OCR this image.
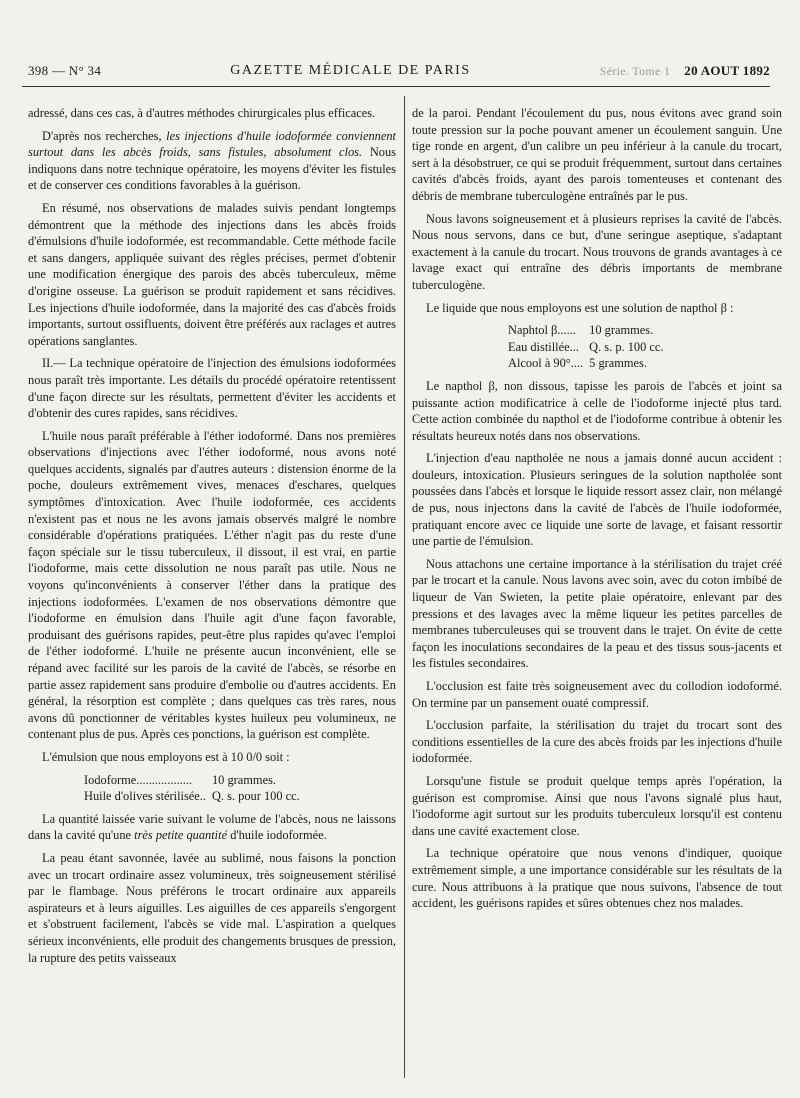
398 — N° 34	GAZETTE MÉDICALE DE PARIS	Série. Tome 1 20 AOUT 1892

adressé, dans ces cas, à d'autres méthodes chirurgicales plus efficaces.

D'après nos recherches, les injections d'huile iodoformée conviennent surtout dans les abcès froids, sans fistules, absolument clos. Nous indiquons dans notre technique opératoire, les moyens d'éviter les fistules et de conserver ces conditions favorables à la guérison.

En résumé, nos observations de malades suivis pendant longtemps démontrent que la méthode des injections dans les abcès froids d'émulsions d'huile iodoformée, est recommandable. Cette méthode facile et sans dangers, appliquée suivant des règles précises, permet d'obtenir une modification énergique des parois des abcès tuberculeux, même d'origine osseuse. La guérison se produit rapidement et sans récidives. Les injections d'huile iodoformée, dans la majorité des cas d'abcès froids importants, surtout ossifluents, doivent être préférés aux raclages et autres opérations sanglantes.

II.— La technique opératoire de l'injection des émulsions iodoformées nous paraît très importante. Les détails du procédé opératoire retentissent d'une façon directe sur les résultats, permettent d'éviter les accidents et d'obtenir des cures rapides, sans récidives.

L'huile nous paraît préférable à l'éther iodoformé. Dans nos premières observations d'injections avec l'éther iodoformé, nous avons noté quelques accidents, signalés par d'autres auteurs : distension énorme de la poche, douleurs extrêmement vives, menaces d'eschares, quelques symptômes d'intoxication. Avec l'huile iodoformée, ces accidents n'existent pas et nous ne les avons jamais observés malgré le nombre considérable d'opérations pratiquées. L'éther n'agit pas du reste d'une façon spéciale sur le tissu tuberculeux, il dissout, il est vrai, en partie l'iodoforme, mais cette dissolution ne nous paraît pas utile. Nous ne voyons qu'inconvénients à conserver l'éther dans la pratique des injections iodoformées. L'examen de nos observations démontre que l'iodoforme en émulsion dans l'huile agit d'une façon favorable, produisant des guérisons rapides, peut-être plus rapides qu'avec l'emploi de l'éther iodoformé. L'huile ne présente aucun inconvénient, elle se répand avec facilité sur les parois de la cavité de l'abcès, se résorbe en partie assez rapidement sans produire d'embolie ou d'autres accidents. En général, la résorption est complète ; dans quelques cas très rares, nous avons dû ponctionner de véritables kystes huileux peu volumineux, ne contenant plus de pus. Après ces ponctions, la guérison est complète.

L'émulsion que nous employons est à 10 0/0 soit :

Iodoforme..................	10 grammes.
Huile d'olives stérilisée..	Q. s. pour 100 cc.

La quantité laissée varie suivant le volume de l'abcès, nous ne laissons dans la cavité qu'une très petite quantité d'huile iodoformée.

La peau étant savonnée, lavée au sublimé, nous faisons la ponction avec un trocart ordinaire assez volumineux, très soigneusement stérilisé par le flambage. Nous préférons le trocart ordinaire aux appareils aspirateurs et à leurs aiguilles. Les aiguilles de ces appareils s'engorgent et s'obstruent facilement, l'abcès se vide mal. L'aspiration a quelques sérieux inconvénients, elle produit des changements brusques de pression, la rupture des petits vaisseaux

de la paroi. Pendant l'écoulement du pus, nous évitons avec grand soin toute pression sur la poche pouvant amener un écoulement sanguin. Une tige ronde en argent, d'un calibre un peu inférieur à la canule du trocart, sert à la désobstruer, ce qui se produit fréquemment, surtout dans certaines cavités d'abcès froids, ayant des parois tomenteuses et contenant des débris de membrane tuberculogène entraînés par le pus.

Nous lavons soigneusement et à plusieurs reprises la cavité de l'abcès. Nous nous servons, dans ce but, d'une seringue aseptique, s'adaptant exactement à la canule du trocart. Nous trouvons de grands avantages à ce lavage exact qui entraîne des débris importants de membrane tuberculogène.

Le liquide que nous employons est une solution de napthol β :

Naphtol β......	10 grammes.
Eau distillée...	Q. s. p. 100 cc.
Alcool à 90°....	5 grammes.

Le napthol β, non dissous, tapisse les parois de l'abcès et joint sa puissante action modificatrice à celle de l'iodoforme injecté plus tard. Cette action combinée du napthol et de l'iodoforme contribue à obtenir les résultats heureux notés dans nos observations.

L'injection d'eau naptholée ne nous a jamais donné aucun accident : douleurs, intoxication. Plusieurs seringues de la solution naptholée sont poussées dans l'abcès et lorsque le liquide ressort assez clair, non mélangé de pus, nous injectons dans la cavité de l'abcès de l'huile iodoformée, pratiquant encore avec ce liquide une sorte de lavage, et faisant ressortir une partie de l'émulsion.

Nous attachons une certaine importance à la stérilisation du trajet créé par le trocart et la canule. Nous lavons avec soin, avec du coton imbibé de liqueur de Van Swieten, la petite plaie opératoire, enlevant par des pressions et des lavages avec la même liqueur les petites parcelles de membranes tuberculeuses qui se trouvent dans le trajet. On évite de cette façon les inoculations secondaires de la peau et des tissus sous-jacents et les fistules secondaires.

L'occlusion est faite très soigneusement avec du collodion iodoformé. On termine par un pansement ouaté compressif.

L'occlusion parfaite, la stérilisation du trajet du trocart sont des conditions essentielles de la cure des abcès froids par les injections d'huile iodoformée.

Lorsqu'une fistule se produit quelque temps après l'opération, la guérison est compromise. Ainsi que nous l'avons signalé plus haut, l'iodoforme agit surtout sur les produits tuberculeux lorsqu'il est contenu dans une cavité exactement close.

La technique opératoire que nous venons d'indiquer, quoique extrêmement simple, a une importance considérable sur les résultats de la cure. Nous attribuons à la pratique que nous suivons, l'absence de tout accident, les guérisons rapides et sûres obtenues chez nos malades.
